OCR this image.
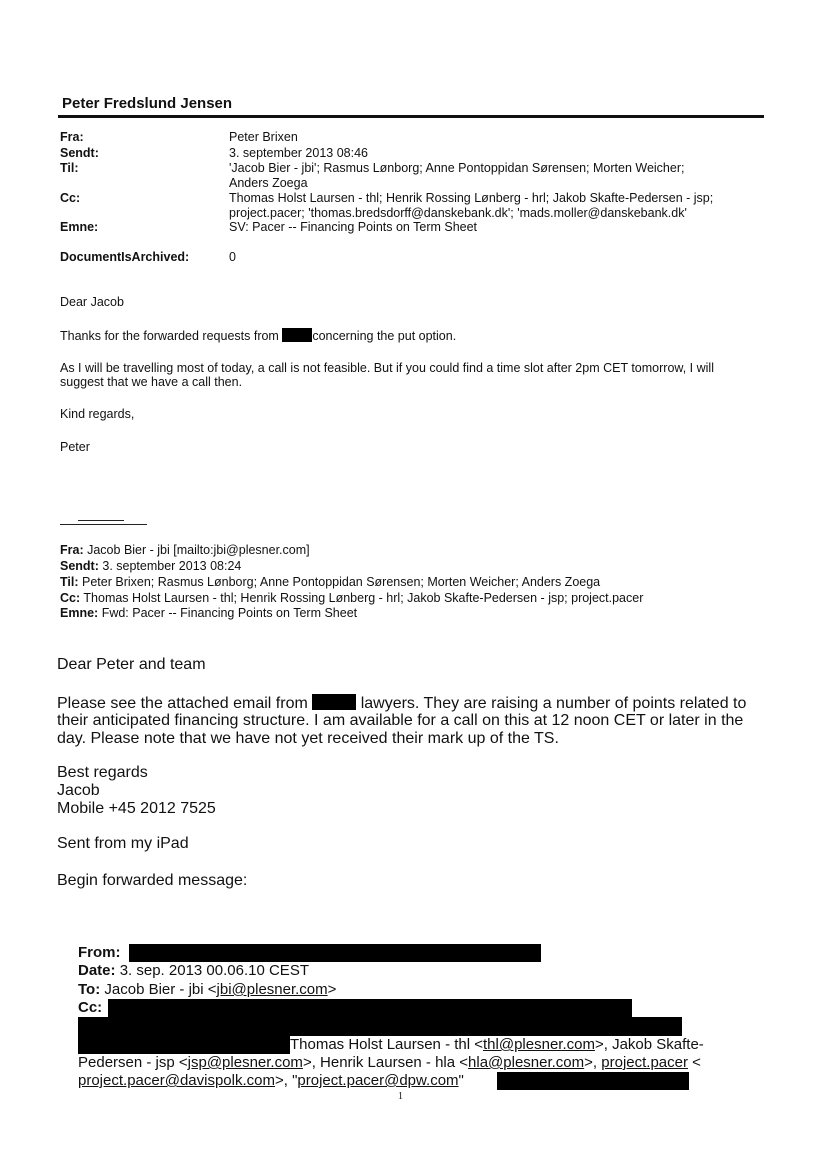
Peter Fredslund Jensen
Fra:	Peter Brixen
Sendt:	3. september 2013 08:46
Til:	'Jacob Bier - jbi'; Rasmus Lønborg; Anne Pontoppidan Sørensen; Morten Weicher;
Anders Zoega
Cc:	Thomas Holst Laursen - thl; Henrik Rossing Lønberg - hrl; Jakob Skafte-Pedersen - jsp;
project.pacer; 'thomas.bredsdorff@danskebank.dk'; 'mads.moller@danskebank.dk'
Emne:	SV: Pacer -- Financing Points on Term Sheet
DocumentIsArchived:	0
Dear Jacob
Thanks for the forwarded requests from concerning the put option.
As I will be travelling most of today, a call is not feasible. But if you could find a time slot after 2pm CET tomorrow, I will
suggest that we have a call then.
Kind regards,
Peter
Fra: Jacob Bier - jbi [mailto:jbi@plesner.com]
Sendt: 3. september 2013 08:24
Til: Peter Brixen; Rasmus Lønborg; Anne Pontoppidan Sørensen; Morten Weicher; Anders Zoega
Cc: Thomas Holst Laursen - thl; Henrik Rossing Lønberg - hrl; Jakob Skafte-Pedersen - jsp; project.pacer
Emne: Fwd: Pacer -- Financing Points on Term Sheet
Dear Peter and team
Please see the attached email from	lawyers. They are raising a number of points related to
their anticipated financing structure. I am available for a call on this at 12 noon CET or later in the
day. Please note that we have not yet received their mark up of the TS.
Best regards
Jacob
Mobile +45 2012 7525
Sent from my iPad
Begin forwarded message:
From:
Date: 3. sep. 2013 00.06.10 CEST
To: Jacob Bier - jbi <jbi@plesner.com>
Cc:
Thomas Holst Laursen - thl <thl@plesner.com>, Jakob Skafte-
Pedersen - jsp <jsp@plesner.com>, Henrik Laursen - hla <hla@plesner.com>, project.pacer <
project.pacer@davispolk.com>, "project.pacer@dpw.com"
1
